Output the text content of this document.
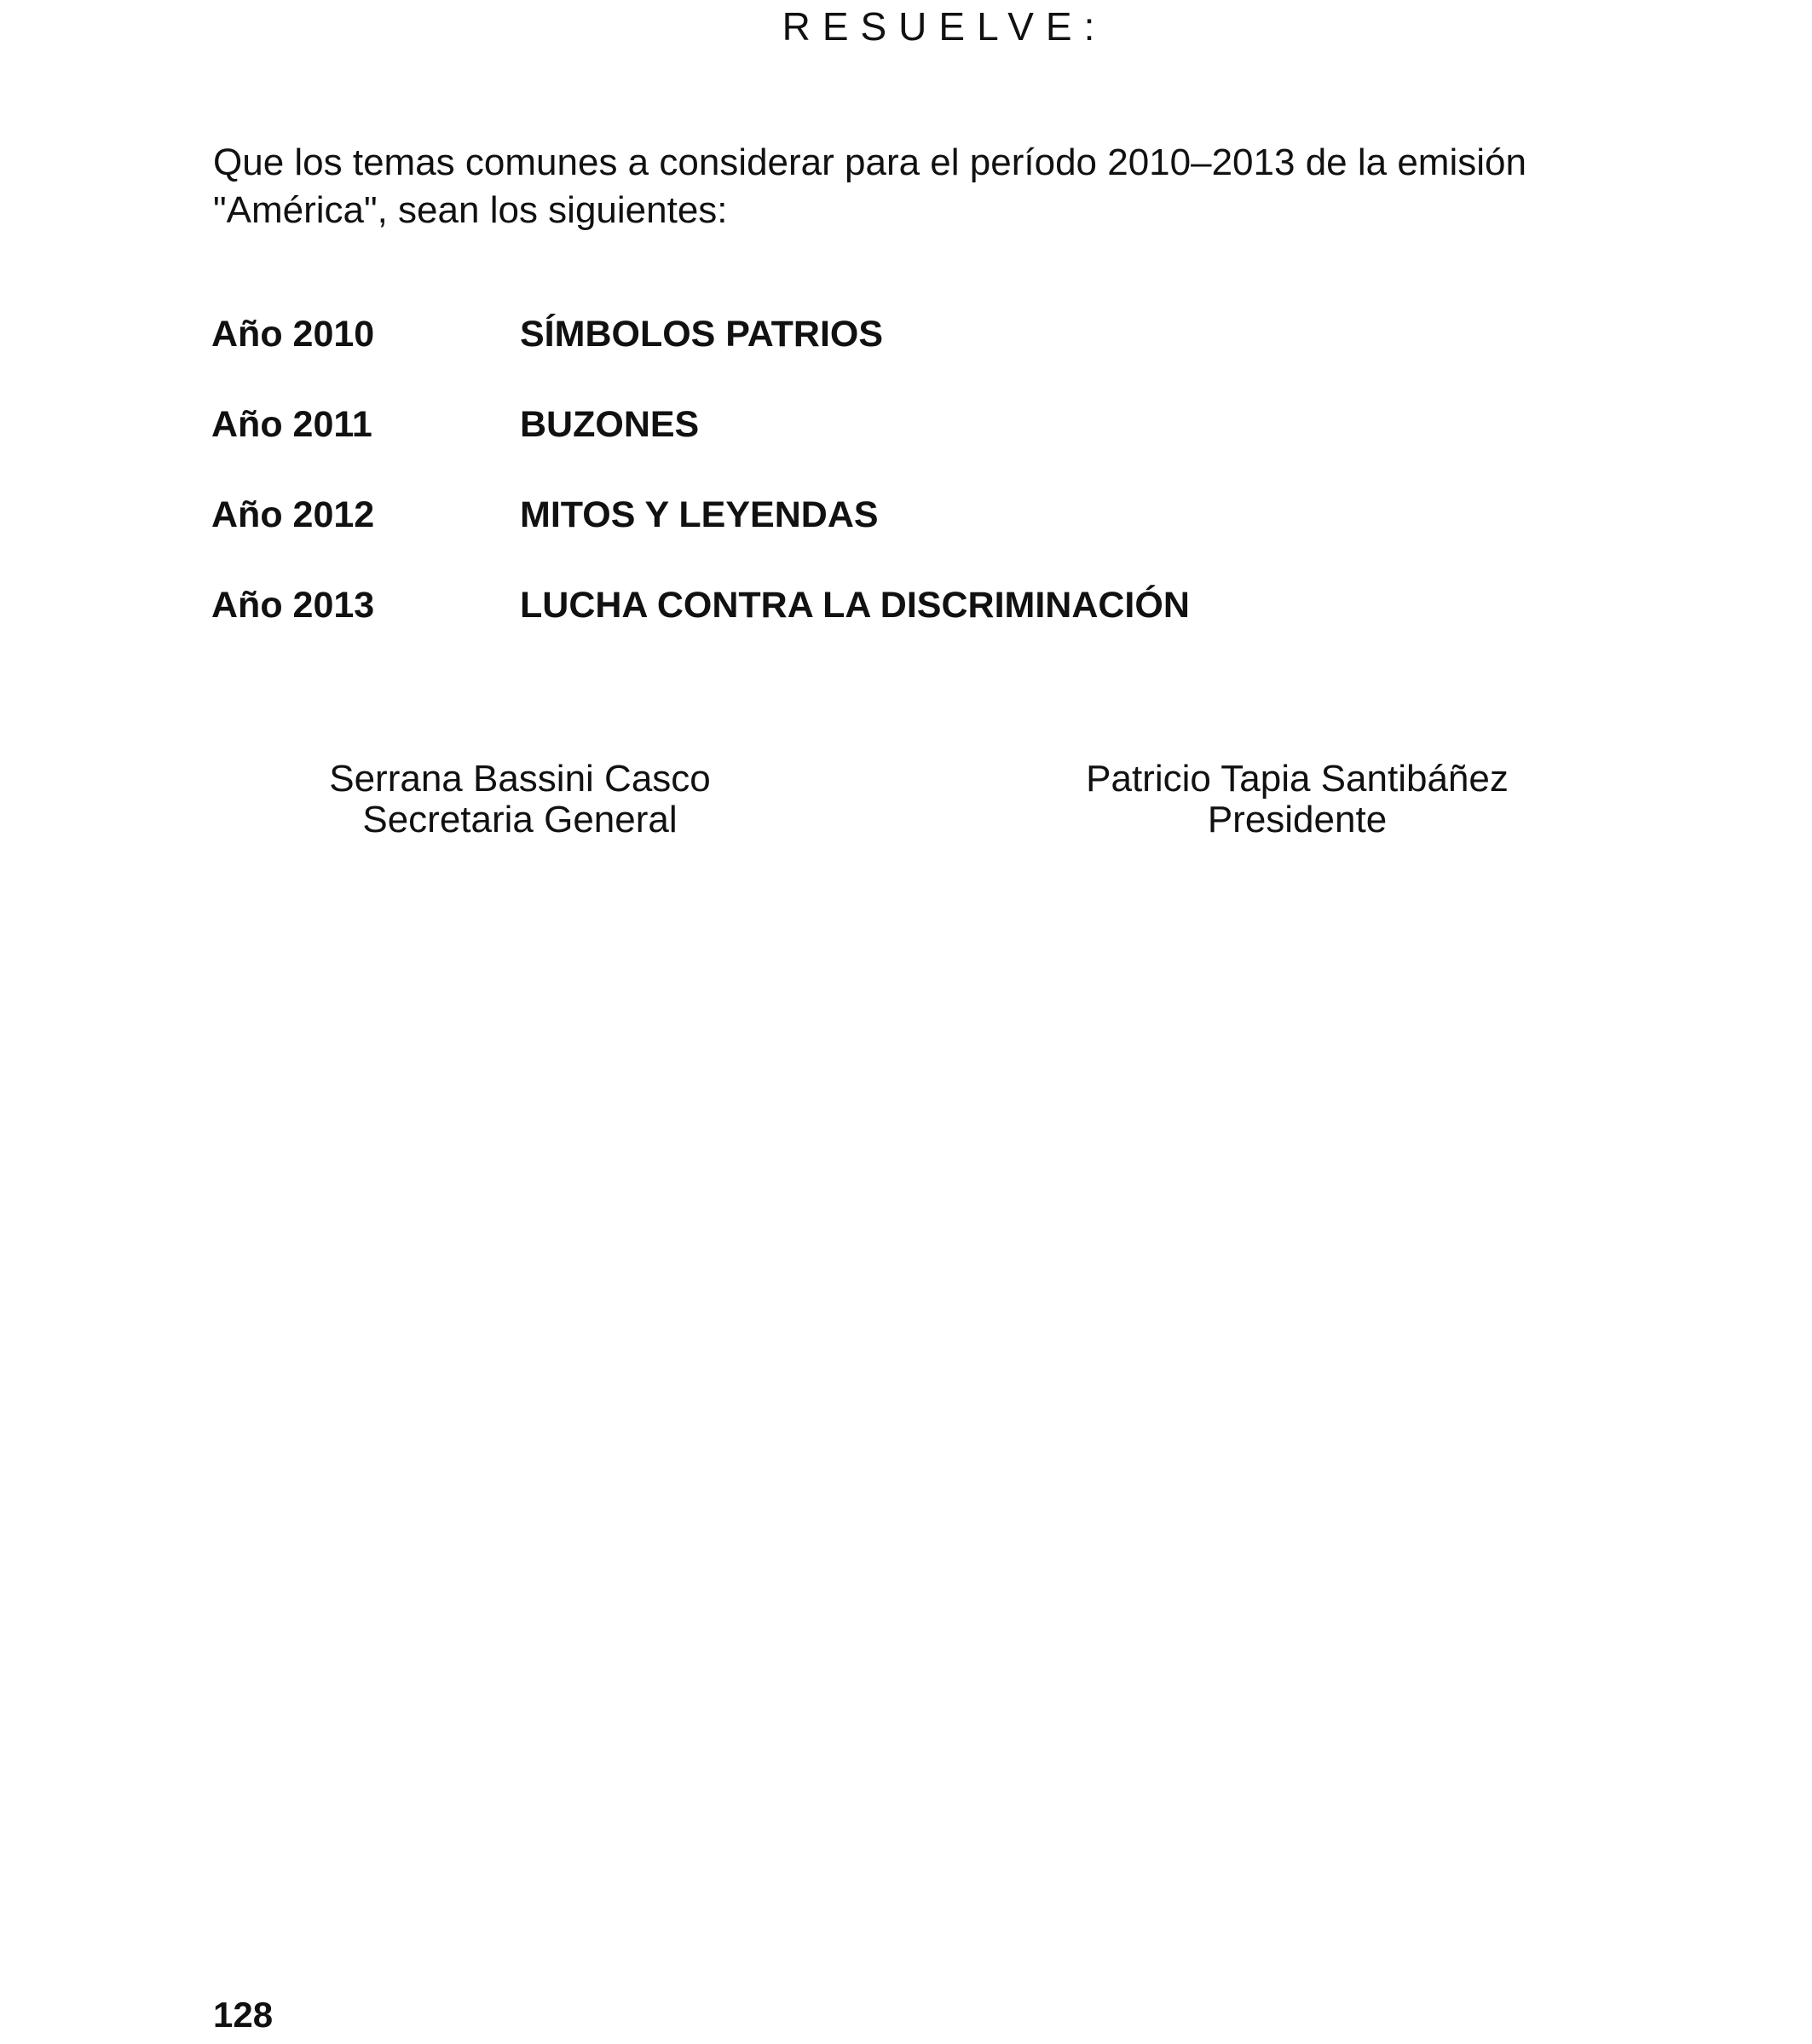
RESUELVE:
Que los temas comunes a considerar para el período 2010–2013 de la emisión "América", sean los siguientes:
Año 2010	SÍMBOLOS PATRIOS
Año 2011	BUZONES
Año 2012	MITOS Y LEYENDAS
Año 2013	LUCHA CONTRA LA DISCRIMINACIÓN
Serrana Bassini Casco
Secretaria General
Patricio Tapia Santibáñez
Presidente
128
